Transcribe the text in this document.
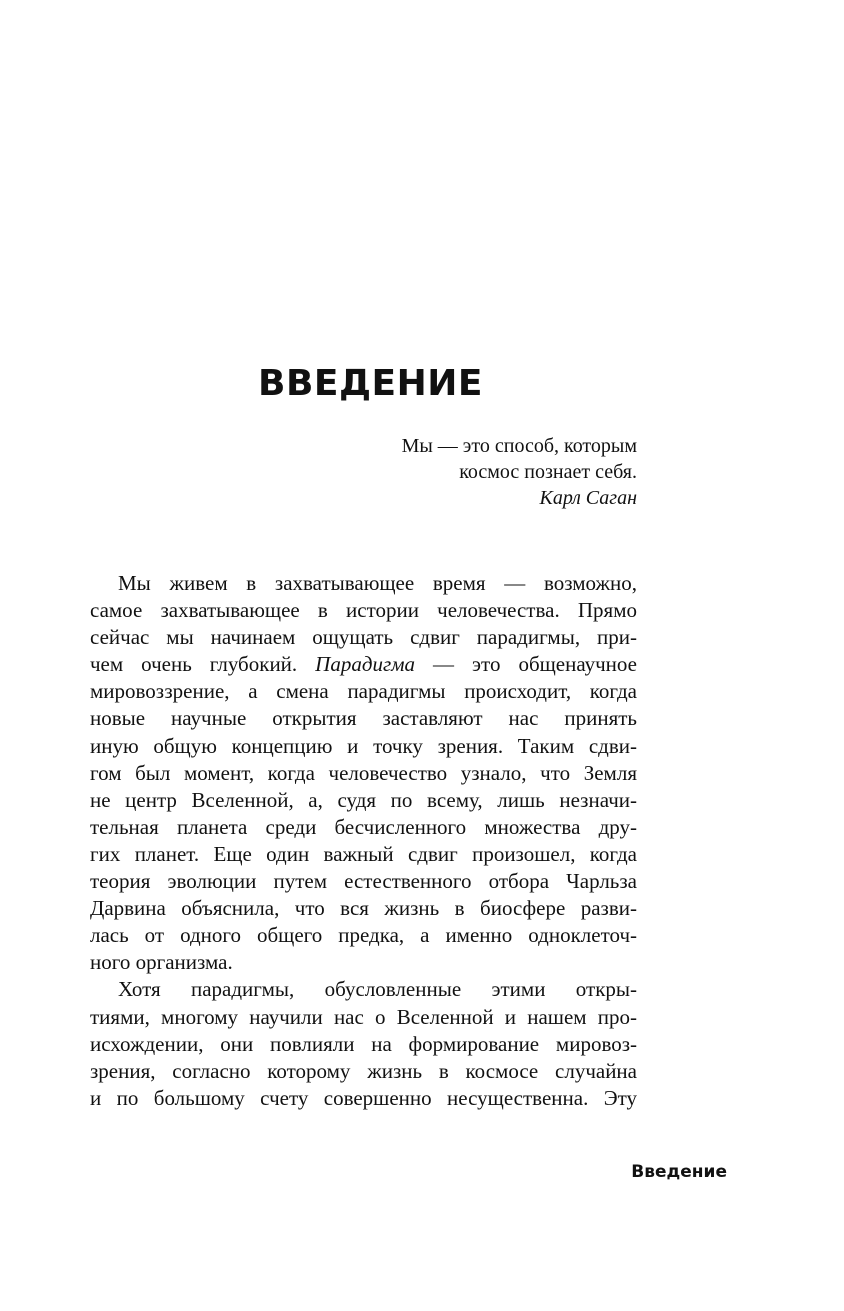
ВВЕДЕНИЕ
Мы — это способ, которым
космос познает себя.
Карл Саган

Мы живем в захватывающее время — возможно,
самое захватывающее в истории человечества. Прямо
сейчас мы начинаем ощущать сдвиг парадигмы, при-
чем очень глубокий. Парадигма — это общенаучное
мировоззрение, а смена парадигмы происходит, когда
новые научные открытия заставляют нас принять
иную общую концепцию и точку зрения. Таким сдви-
гом был момент, когда человечество узнало, что Земля
не центр Вселенной, а, судя по всему, лишь незначи-
тельная планета среди бесчисленного множества дру-
гих планет. Еще один важный сдвиг произошел, когда
теория эволюции путем естественного отбора Чарльза
Дарвина объяснила, что вся жизнь в биосфере разви-
лась от одного общего предка, а именно одноклеточ-
ного организма.

Хотя парадигмы, обусловленные этими откры-
тиями, многому научили нас о Вселенной и нашем про-
исхождении, они повлияли на формирование мировоз-
зрения, согласно которому жизнь в космосе случайна
и по большому счету совершенно несущественна. Эту

Введение
